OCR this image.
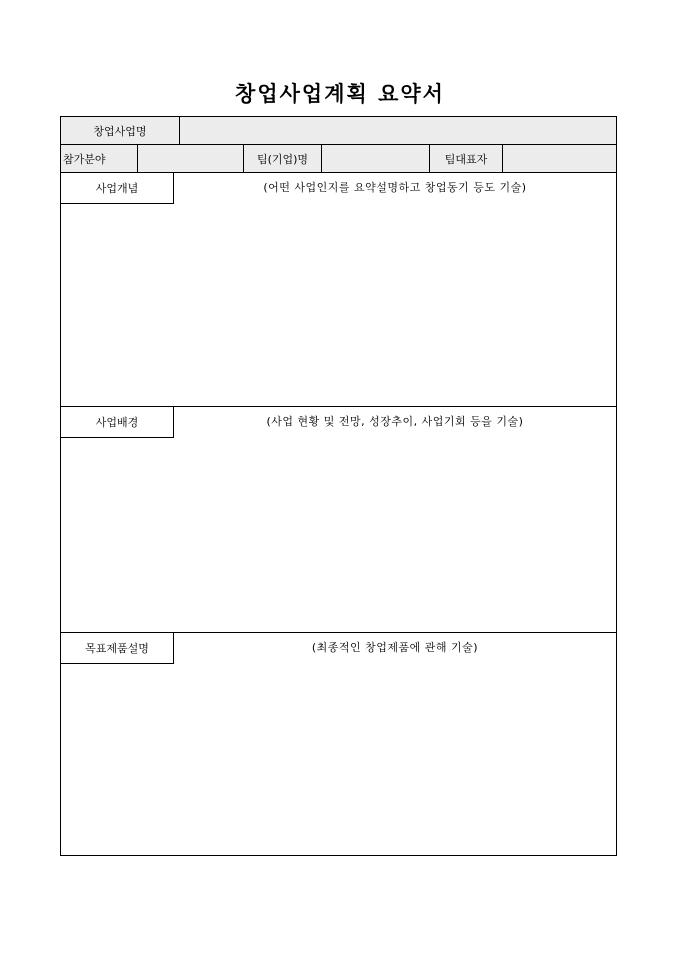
창업사업계획 요약서
창업사업명
참가분야	팀(기업)명	팀대표자
사업개념	(어떤 사업인지를 요약설명하고 창업동기 등도 기술)
사업배경	(사업 현황 및 전망, 성장추이, 사업기회 등을 기술)
목표제품설명	(최종적인 창업제품에 관해 기술)
